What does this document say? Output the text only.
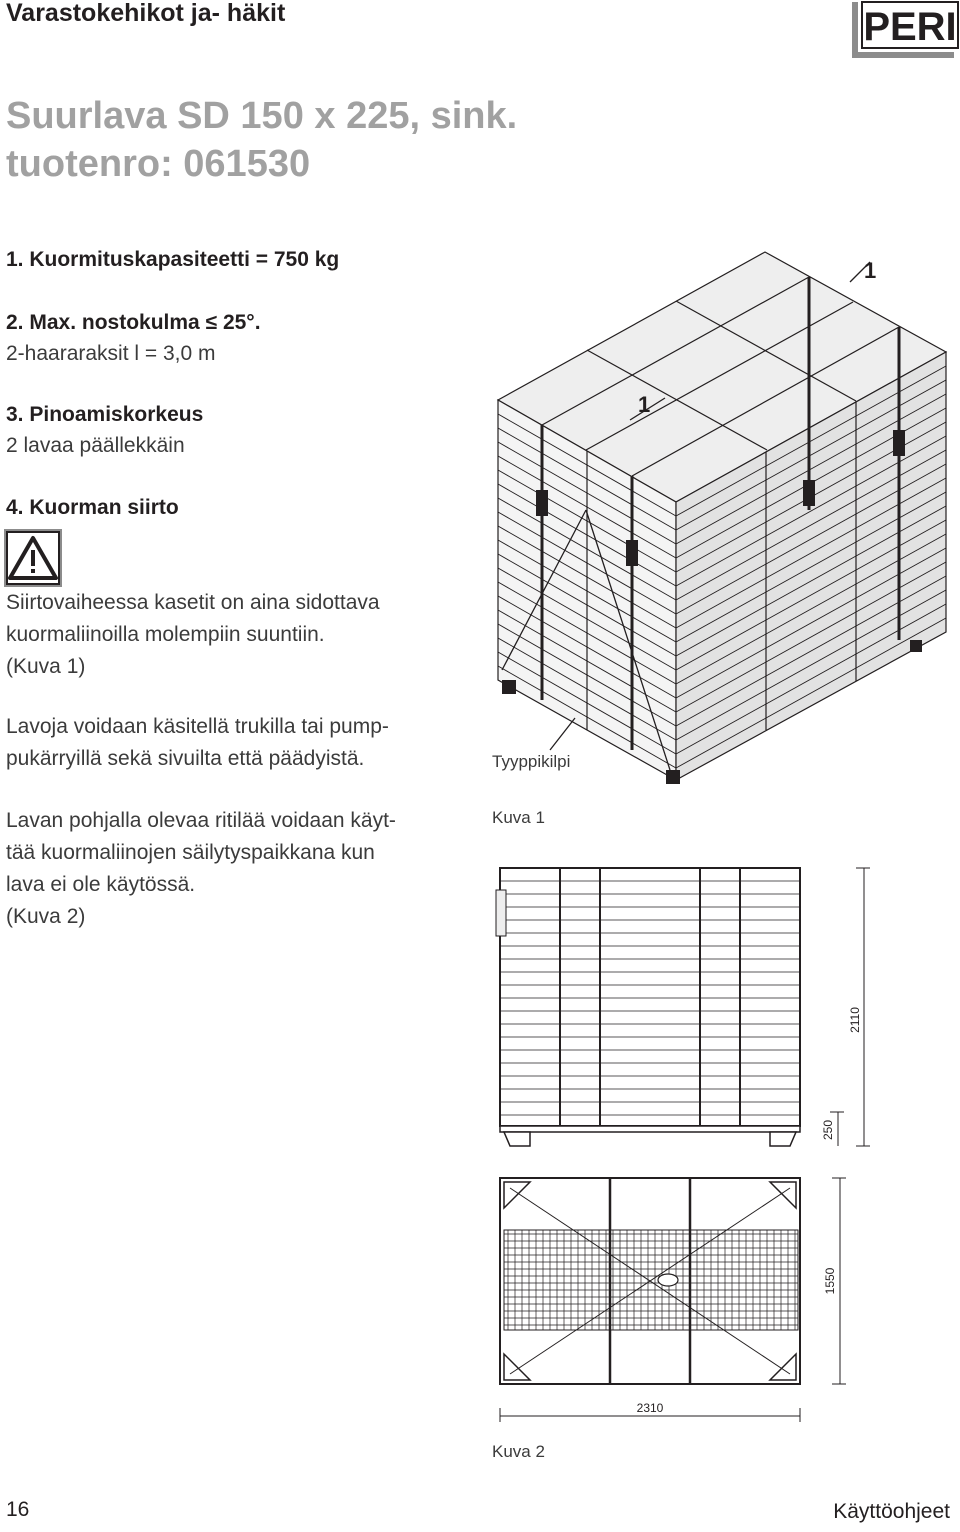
Varastokehikot ja- häkit	PERI
Suurlava SD 150 x 225, sink.
tuotenro: 061530
1. Kuormituskapasiteetti = 750 kg
2. Max. nostokulma ≤ 25°.
2-haararaksit l = 3,0 m
3. Pinoamiskorkeus
2 lavaa päällekkäin
4. Kuorman siirto
Siirtovaiheessa kasetit on aina sidottava
kuormaliinoilla molempiin suuntiin.
(Kuva 1)
Lavoja voidaan käsitellä trukilla tai pump-
pukärryillä sekä sivuilta että päädyistä.
Lavan pohjalla olevaa ritilää voidaan käyt-
tää kuormaliinojen säilytyspaikkana kun
lava ei ole käytössä.
(Kuva 2)
1
1
Tyyppikilpi
Kuva 1
2110
250
1550
2310
Kuva 2
16	Käyttöohjeet
